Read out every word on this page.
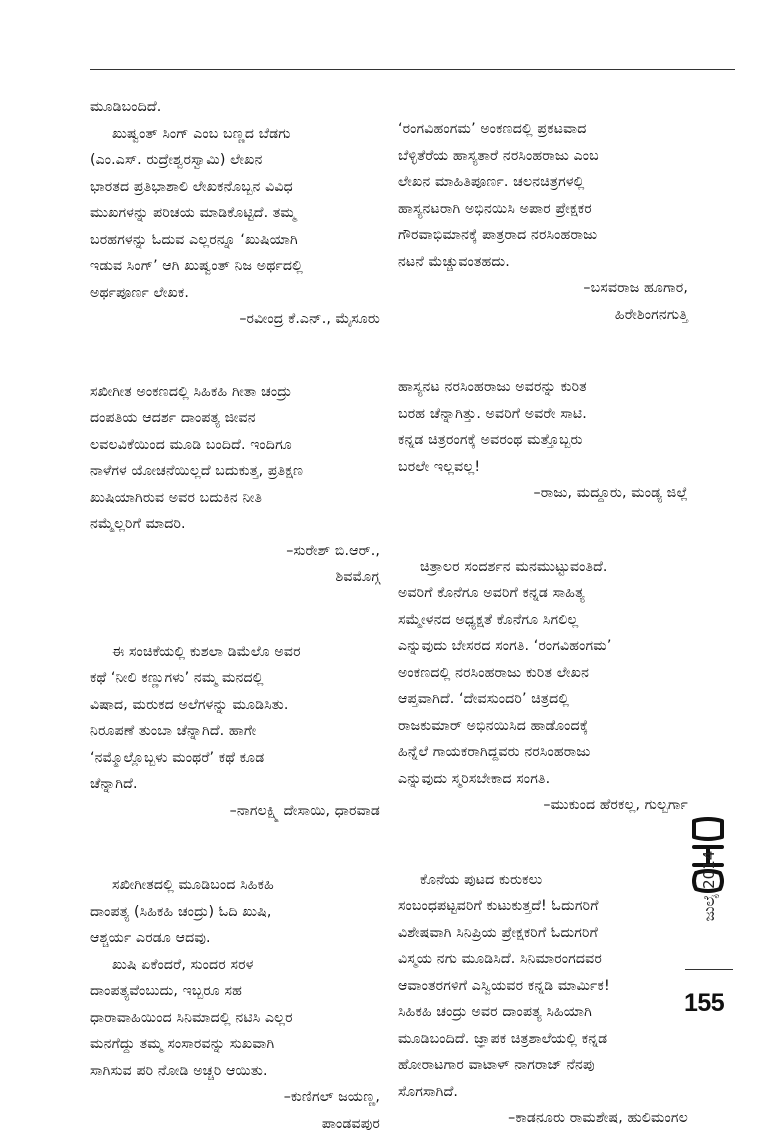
ಮೂಡಿಬಂದಿದೆ.

ಖುಷ್ವಂತ್ ಸಿಂಗ್ ಎಂಬ ಬಣ್ಣದ ಬೆಡಗು

(ಎಂ.ಎಸ್. ರುದ್ರೇಶ್ವರಸ್ವಾಮಿ) ಲೇಖನ

ಭಾರತದ ಪ್ರತಿಭಾಶಾಲಿ ಲೇಖಕನೊಬ್ಬನ ವಿವಿಧ

ಮುಖಗಳನ್ನು ಪರಿಚಯ ಮಾಡಿಕೊಟ್ಟಿದೆ. ತಮ್ಮ

ಬರಹಗಳನ್ನು ಓದುವ ಎಲ್ಲರನ್ನೂ ‘ಖುಷಿಯಾಗಿ

ಇಡುವ ಸಿಂಗ್’ ಆಗಿ ಖುಷ್ವಂತ್ ನಿಜ ಅರ್ಥದಲ್ಲಿ

ಅರ್ಥಪೂರ್ಣ ಲೇಖಕ.

–ರವೀಂದ್ರ ಕೆ.ಎನ್., ಮೈಸೂರು

ಸಖೀಗೀತ ಅಂಕಣದಲ್ಲಿ ಸಿಹಿಕಹಿ ಗೀತಾ ಚಂದ್ರು

ದಂಪತಿಯ ಆದರ್ಶ ದಾಂಪತ್ಯ ಜೀವನ

ಲವಲವಿಕೆಯಿಂದ ಮೂಡಿ ಬಂದಿದೆ. ಇಂದಿಗೂ

ನಾಳೆಗಳ ಯೋಚನೆಯಿಲ್ಲದೆ ಬದುಕುತ್ತ, ಪ್ರತಿಕ್ಷಣ

ಖುಷಿಯಾಗಿರುವ ಅವರ ಬದುಕಿನ ನೀತಿ

ನಮ್ಮೆಲ್ಲರಿಗೆ ಮಾದರಿ.

–ಸುರೇಶ್ ಬಿ.ಆರ್.,

ಶಿವಮೊಗ್ಗ

ಈ ಸಂಚಿಕೆಯಲ್ಲಿ ಕುಶಲಾ ಡಿಮೆಲೊ ಅವರ

ಕಥೆ ‘ನೀಲಿ ಕಣ್ಣುಗಳು’ ನಮ್ಮ ಮನದಲ್ಲಿ

ವಿಷಾದ, ಮರುಕದ ಅಲೆಗಳನ್ನು ಮೂಡಿಸಿತು.

ನಿರೂಪಣೆ ತುಂಬಾ ಚೆನ್ನಾಗಿದೆ. ಹಾಗೇ

‘ನಮ್ಮೊಲ್ಲೊಬ್ಬಳು ಮಂಥರೆ’ ಕಥೆ ಕೂಡ

ಚೆನ್ನಾಗಿದೆ.

–ನಾಗಲಕ್ಷ್ಮಿ ದೇಸಾಯಿ, ಧಾರವಾಡ

ಸಖೀಗೀತದಲ್ಲಿ ಮೂಡಿಬಂದ ಸಿಹಿಕಹಿ

ದಾಂಪತ್ಯ (ಸಿಹಿಕಹಿ ಚಂದ್ರು) ಓದಿ ಖುಷಿ,

ಆಶ್ಚರ್ಯ ಎರಡೂ ಆದವು.

ಖುಷಿ ಏಕೆಂದರೆ, ಸುಂದರ ಸರಳ

ದಾಂಪತ್ಯವೆಂಬುದು, ಇಬ್ಬರೂ ಸಹ

ಧಾರಾವಾಹಿಯಿಂದ ಸಿನಿಮಾದಲ್ಲಿ ನಟಿಸಿ ಎಲ್ಲರ

ಮನಗೆದ್ದು ತಮ್ಮ ಸಂಸಾರವನ್ನು ಸುಖವಾಗಿ

ಸಾಗಿಸುವ ಪರಿ ನೋಡಿ ಅಚ್ಚರಿ ಆಯಿತು.

–ಕುಣಿಗಲ್ ಜಯಣ್ಣ,

ಪಾಂಡವಪುರ

‘ರಂಗವಿಹಂಗಮ’ ಅಂಕಣದಲ್ಲಿ ಪ್ರಕಟವಾದ

ಬೆಳ್ಳಿತೆರೆಯ ಹಾಸ್ಯತಾರೆ ನರಸಿಂಹರಾಜು ಎಂಬ

ಲೇಖನ ಮಾಹಿತಿಪೂರ್ಣ. ಚಲನಚಿತ್ರಗಳಲ್ಲಿ

ಹಾಸ್ಯನಟರಾಗಿ ಅಭಿನಯಿಸಿ ಅಪಾರ ಪ್ರೇಕ್ಷಕರ

ಗೌರವಾಭಿಮಾನಕ್ಕೆ ಪಾತ್ರರಾದ ನರಸಿಂಹರಾಜು

ನಟನೆ ಮೆಚ್ಚುವಂತಹದು.

–ಬಸವರಾಜ ಹೂಗಾರ,

ಹಿರೇಶಿಂಗನಗುತ್ತಿ

ಹಾಸ್ಯನಟ ನರಸಿಂಹರಾಜು ಅವರನ್ನು ಕುರಿತ

ಬರಹ ಚೆನ್ನಾಗಿತ್ತು. ಅವರಿಗೆ ಅವರೇ ಸಾಟಿ.

ಕನ್ನಡ ಚಿತ್ರರಂಗಕ್ಕೆ ಅವರಂಥ ಮತ್ತೊಬ್ಬರು

ಬರಲೇ ಇಲ್ಲವಲ್ಲ!

–ರಾಜು, ಮದ್ದೂರು, ಮಂಡ್ಯ ಜಿಲ್ಲೆ

ಚಿತ್ರಾಲರ ಸಂದರ್ಶನ ಮನಮುಟ್ಟುವಂತಿದೆ.

ಅವರಿಗೆ ಕೊನೆಗೂ ಅವರಿಗೆ ಕನ್ನಡ ಸಾಹಿತ್ಯ

ಸಮ್ಮೇಳನದ ಅಧ್ಯಕ್ಷತೆ ಕೊನೆಗೂ ಸಿಗಲಿಲ್ಲ

ಎನ್ನುವುದು ಬೇಸರದ ಸಂಗತಿ. ‘ರಂಗವಿಹಂಗಮ’

ಅಂಕಣದಲ್ಲಿ ನರಸಿಂಹರಾಜು ಕುರಿತ ಲೇಖನ

ಆಪ್ತವಾಗಿದೆ. ‘ದೇವಸುಂದರಿ’ ಚಿತ್ರದಲ್ಲಿ

ರಾಜಕುಮಾರ್ ಅಭಿನಯಿಸಿದ ಹಾಡೊಂದಕ್ಕೆ

ಹಿನ್ನೆಲೆ ಗಾಯಕರಾಗಿದ್ದವರು ನರಸಿಂಹರಾಜು

ಎನ್ನುವುದು ಸ್ಮರಿಸಬೇಕಾದ ಸಂಗತಿ.

–ಮುಕುಂದ ಹೆರಕಲ್ಲ, ಗುಲ್ಬರ್ಗಾ

ಕೊನೆಯ ಪುಟದ ಕುರುಕಲು

ಸಂಬಂಧಪಟ್ಟವರಿಗೆ ಕುಟುಕುತ್ತದೆ! ಓದುಗರಿಗೆ

ವಿಶೇಷವಾಗಿ ಸಿನಿಪ್ರಿಯ ಪ್ರೇಕ್ಷಕರಿಗೆ ಓದುಗರಿಗೆ

ವಿಸ್ಮಯ ನಗು ಮೂಡಿಸಿದೆ. ಸಿನಿಮಾರಂಗದವರ

ಆವಾಂತರಗಳಿಗೆ ಎಸ್ವಿಯವರ ಕನ್ನಡಿ ಮಾರ್ಮಿಕ!

ಸಿಹಿಕಹಿ ಚಂದ್ರು ಅವರ ದಾಂಪತ್ಯ ಸಿಹಿಯಾಗಿ

ಮೂಡಿಬಂದಿದೆ. ಜ್ಞಾಪಕ ಚಿತ್ರಶಾಲೆಯಲ್ಲಿ ಕನ್ನಡ

ಹೋರಾಟಗಾರ ವಾಟಾಳ್ ನಾಗರಾಜ್ ನೆನಪು

ಸೊಗಸಾಗಿದೆ.

–ಕಾಡನೂರು ರಾಮಶೇಷ, ಹುಲಿಮಂಗಲ

ಜುಲೈ 2014
155
